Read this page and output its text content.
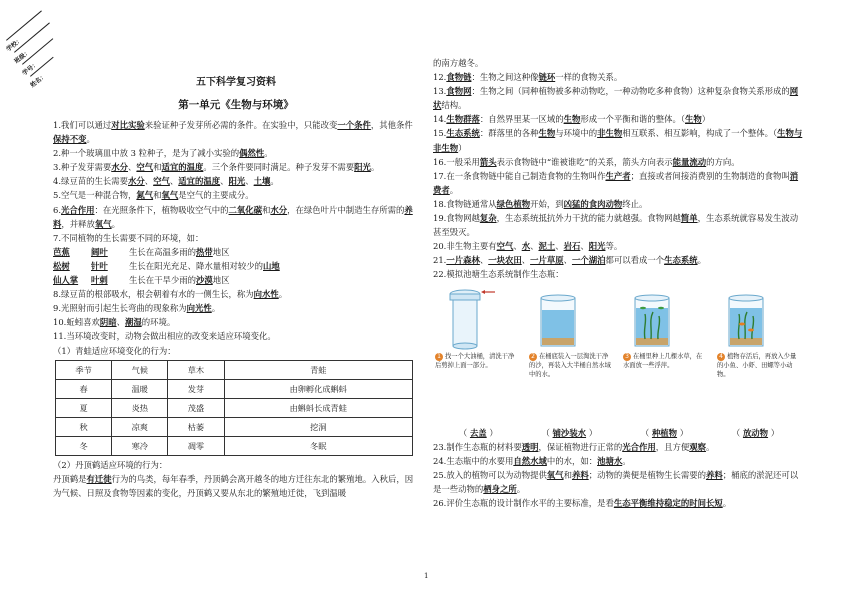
学校：
班级：
学号：
姓名：	五下科学复习资料
第一单元《生物与环境》
1.我们可以通过对比实验来验证种子发芽所必需的条件。在实验中，只能改变一个条件，其他条件保持不变。
2.种一个玻璃皿中放 3 粒种子，是为了减小实验的偶然性。
3.种子发芽需要水分、空气和适宜的温度。三个条件要同时满足。种子发芽不需要阳光。
4.绿豆苗的生长需要水分、空气、适宜的温度、阳光、土壤。
5.空气是一种混合物，氮气和氧气是空气的主要成分。
6.光合作用：在光照条件下，植物吸收空气中的二氧化碳和水分，在绿色叶片中制造生存所需的养料，并释放氧气。
7.不同植物的生长需要不同的环境，如：
芭蕉	阔叶	生长在高温多雨的热带地区
松树	针叶	生长在阳光充足、降水量相对较少的山地
仙人掌	叶刺	生长在干旱少雨的沙漠地区
8.绿豆苗的根部吸水，根会朝着有水的一侧生长，称为向水性。
9.光照射而引起生长弯曲的现象称为向光性。
10.蚯蚓喜欢阴暗、潮湿的环境。
11.当环境改变时，动物会做出相应的改变来适应环境变化。
（1）青蛙适应环境变化的行为：
季节	气候	草木	青蛙
春	温暖	发芽	由卵孵化成蝌蚪
夏	炎热	茂盛	由蝌蚪长成青蛙
秋	凉爽	枯萎	挖洞
冬	寒冷	凋零	冬眠
（2）丹顶鹤适应环境的行为：
丹顶鹤是有迁徙行为的鸟类，每年春季，丹顶鹤会离开越冬的地方迁往东北的繁殖地。入秋后，因为气候、日照及食物等因素的变化，丹顶鹤又要从东北的繁殖地迁徙，飞到温暖
的南方越冬。
12.食物链：生物之间这种像链环一样的食物关系。
13.食物网：生物之间（同种植物被多种动物吃，一种动物吃多种食物）这种复杂食物关系形成的网状结构。
14.生物群落：自然界里某一区域的生物形成一个平衡和谐的整体。（生物）
15.生态系统：群落里的各种生物与环境中的非生物相互联系、相互影响，构成了一个整体。（生物与非生物）
16.一般采用箭头表示食物链中“谁被谁吃”的关系，箭头方向表示能量流动的方向。
17.在一条食物链中能自己制造食物的生物叫作生产者；直接或者间接消费别的生物制造的食物叫消费者。
18.食物链通常从绿色植物开始，到凶猛的食肉动物终止。
19.食物网越复杂，生态系统抵抗外力干扰的能力就越强。食物网越简单，生态系统就容易发生波动甚至毁灭。
20.非生物主要有空气、水、泥土、岩石、阳光等。
21.一片森林、一块农田、一片草原、一个湖泊都可以看成一个生态系统。
22.模拟池塘生态系统制作生态瓶：
1 找一个大油桶，清洗干净后剪掉上面一部分。
2 在桶底装入一层淘洗干净的沙，再装入大半桶自然水域中的水。
3 在桶里种上几棵水草，在水面放一些浮萍。
4 植物存活后，再放入少量的小鱼、小虾、田螺等小动物。
（ 去盖 ）	（ 铺沙装水 ）	（ 种植物 ）	（ 放动物 ）
23.制作生态瓶的材料要透明，保证植物进行正常的光合作用，且方便观察。
24.生态瓶中的水要用自然水域中的水，如：池塘水。
25.放入的植物可以为动物提供氧气和养料；动物的粪便是植物生长需要的养料；桶底的淤泥还可以是一些动物的栖身之所。
26.评价生态瓶的设计制作水平的主要标准，是看生态平衡维持稳定的时间长短。
1
